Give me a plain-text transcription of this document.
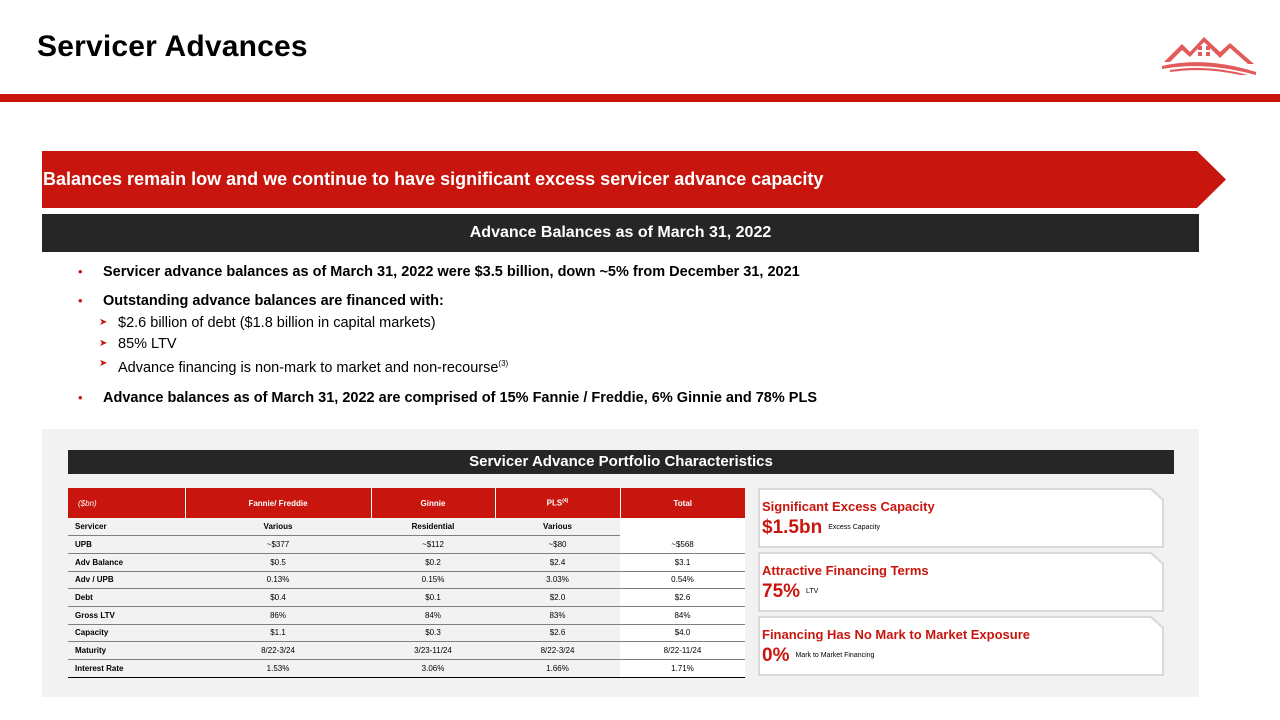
Servicer Advances
Balances remain low and we continue to have significant excess servicer advance capacity
Advance Balances as of March 31, 2022
• Servicer advance balances as of March 31, 2022 were $3.5 billion, down ~5% from December 31, 2021
• Outstanding advance balances are financed with:
➤ $2.6 billion of debt ($1.8 billion in capital markets)
➤ 85% LTV
➤ Advance financing is non-mark to market and non-recourse$^{(3)}$
• Advance balances as of March 31, 2022 are comprised of 15% Fannie / Freddie, 6% Ginnie and 78% PLS
Servicer Advance Portfolio Characteristics
($bn)	Fannie/ Freddie	Ginnie	PLS$^{(4)}$	Total
Servicer	Various	Residential	Various	
UPB	~$377	~$112	~$80	~$568
Adv Balance	$0.5	$0.2	$2.4	$3.1
Adv / UPB	0.13%	0.15%	3.03%	0.54%
Debt	$0.4	$0.1	$2.0	$2.6
Gross LTV	86%	84%	83%	84%
Capacity	$1.1	$0.3	$2.6	$4.0
Maturity	8/22-3/24	3/23-11/24	8/22-3/24	8/22-11/24
Interest Rate	1.53%	3.06%	1.66%	1.71%
Significant Excess Capacity
$1.5bn Excess Capacity
Attractive Financing Terms
75% LTV
Financing Has No Mark to Market Exposure
0% Mark to Market Financing
